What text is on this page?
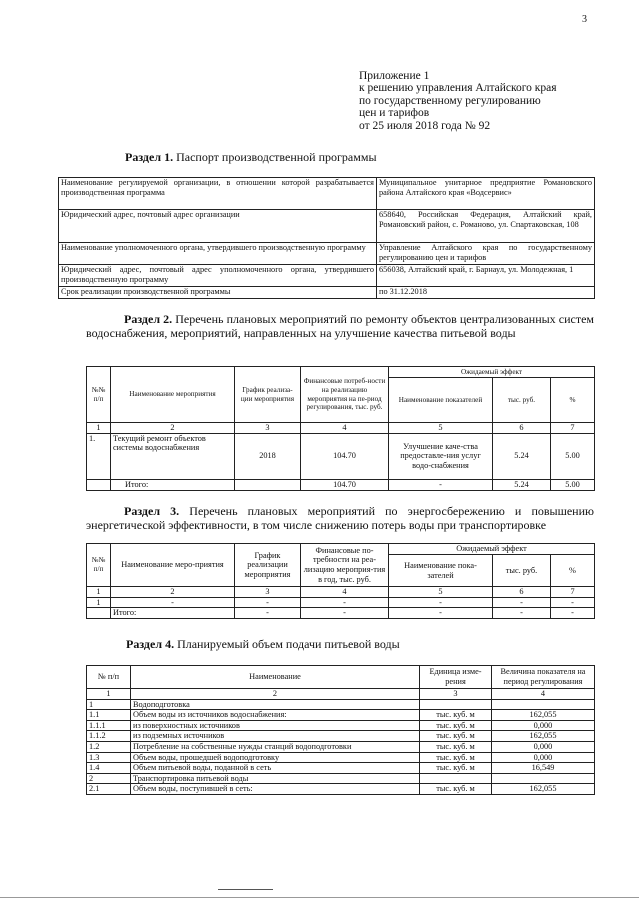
3
Приложение 1
к решению управления Алтайского края
по государственному регулированию
цен и тарифов
от 25 июля 2018 года № 92
Раздел 1. Паспорт производственной программы
Наименование регулируемой организации, в отношении которой разрабатывается производственная программа	Муниципальное унитарное предприятие Романовского района Алтайского края «Водсервис»
Юридический адрес, почтовый адрес организации	658640, Российская Федерация, Алтайский край, Романовский район, с. Романово, ул. Спартаковская, 108
Наименование уполномоченного органа, утвердившего производственную программу	Управление Алтайского края по государственному регулированию цен и тарифов
Юридический адрес, почтовый адрес уполномоченного органа, утвердившего производственную программу	656038, Алтайский край, г. Барнаул, ул. Молодежная, 1
Срок реализации производственной программы	по 31.12.2018
Раздел 2. Перечень плановых мероприятий по ремонту объектов централизованных систем водоснабжения, мероприятий, направленных на улучшение качества питьевой воды
№№ п/п	Наименование мероприятия	График реализа-ции мероприятия	Финансовые потреб-ности на реализацию мероприятия на пе-риод регулирования, тыс. руб.	Ожидаемый эффект		
				Наименование показателей	тыс. руб.	%
1	2	3	4	5	6	7
1.	Текущий ремонт объектов системы водоснабжения	2018	104.70	Улучшение каче-ства предоставле-ния услуг водо-снабжения	5.24	5.00
	Итого:		104.70	-	5.24	5.00
Раздел 3. Перечень плановых мероприятий по энергосбережению и повышению энергетической эффективности, в том числе снижению потерь воды при транспортировке
№№ п/п	Наименование меро-приятия	График реализации мероприятия	Финансовые по-требности на реа-лизацию мероприя-тия в год, тыс. руб.	Ожидаемый эффект		
				Наименование пока-зателей	тыс. руб.	%
1	2	3	4	5	6	7
1	-	-	-	-	-	-
	Итого:	-	-	-	-	-
Раздел 4. Планируемый объем подачи питьевой воды
№ п/п	Наименование	Единица изме-рения	Величина показателя на период регулирования
1	2	3	4
1	Водоподготовка		
1.1	Объем воды из источников водоснабжения:	тыс. куб. м	162,055
1.1.1	из поверхностных источников	тыс. куб. м	0,000
1.1.2	из подземных источников	тыс. куб. м	162,055
1.2	Потребление на собственные нужды станций водоподготовки	тыс. куб. м	0,000
1.3	Объем воды, прошедшей водоподготовку	тыс. куб. м	0,000
1.4	Объем питьевой воды, поданной в сеть	тыс. куб. м	16,549
2	Транспортировка питьевой воды		
2.1	Объем воды, поступившей в сеть:	тыс. куб. м	162,055
